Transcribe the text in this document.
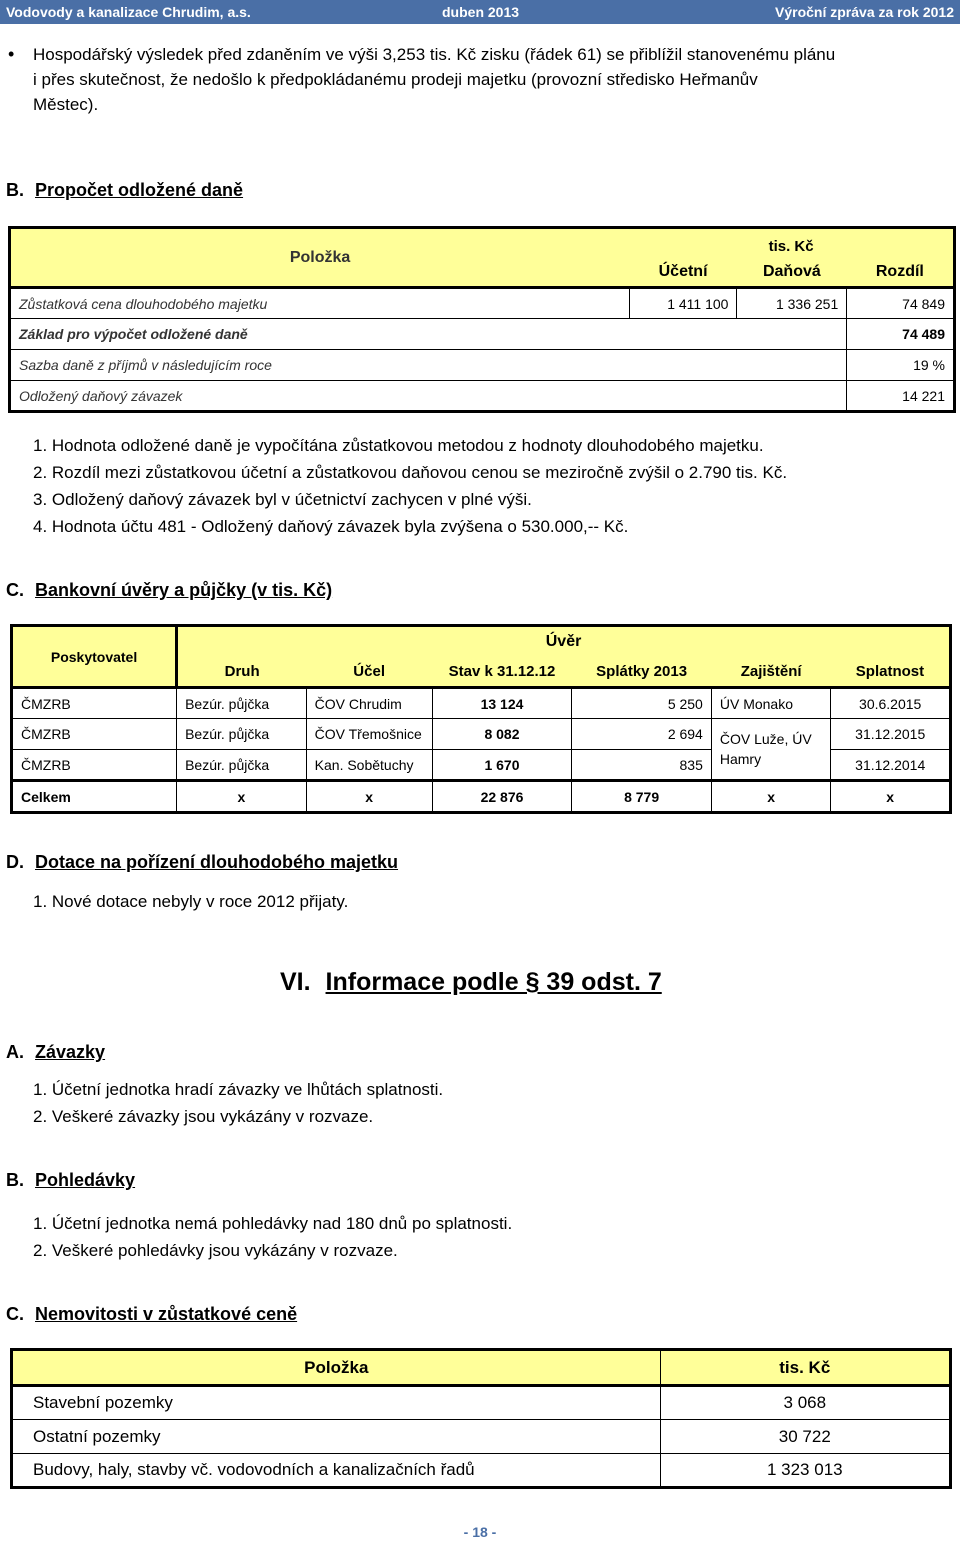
Vodovody a kanalizace Chrudim, a.s.	duben 2013	Výroční zpráva za rok 2012
• Hospodářský výsledek před zdaněním ve výši 3,253 tis. Kč zisku (řádek 61) se přiblížil stanovenému plánu
i přes skutečnost, že nedošlo k předpokládanému prodeji majetku (provozní středisko Heřmanův
Městec).
B. Propočet odložené daně
Položka	tis. Kč		
	Účetní	Daňová	Rozdíl
Zůstatková cena dlouhodobého majetku	1 411 100	1 336 251	74 849
Základ pro výpočet odložené daně			74 489
Sazba daně z příjmů v následujícím roce			19 %
Odložený daňový závazek			14 221
1. Hodnota odložené daně je vypočítána zůstatkovou metodou z hodnoty dlouhodobého majetku.
2. Rozdíl mezi zůstatkovou účetní a zůstatkovou daňovou cenou se meziročně zvýšil o 2.790 tis. Kč.
3. Odložený daňový závazek byl v účetnictví zachycen v plné výši.
4. Hodnota účtu 481 - Odložený daňový závazek byla zvýšena o 530.000,-- Kč.
C. Bankovní úvěry a půjčky (v tis. Kč)
Poskytovatel	Úvěr					
	Druh	Účel	Stav k 31.12.12	Splátky 2013	Zajištění	Splatnost
ČMZRB	Bezúr. půjčka	ČOV Chrudim	13 124	5 250	ÚV Monako	30.6.2015
ČMZRB	Bezúr. půjčka	ČOV Třemošnice	8 082	2 694	ČOV Luže, ÚV
Hamry	31.12.2015
ČMZRB	Bezúr. půjčka	Kan. Sobětuchy	1 670	835		31.12.2014
Celkem	x	x	22 876	8 779	x	x
D. Dotace na pořízení dlouhodobého majetku
1. Nové dotace nebyly v roce 2012 přijaty.
VI. Informace podle § 39 odst. 7
A. Závazky
1. Účetní jednotka hradí závazky ve lhůtách splatnosti.
2. Veškeré závazky jsou vykázány v rozvaze.
B. Pohledávky
1. Účetní jednotka nemá pohledávky nad 180 dnů po splatnosti.
2. Veškeré pohledávky jsou vykázány v rozvaze.
C. Nemovitosti v zůstatkové ceně
Položka	tis. Kč
Stavební pozemky	3 068
Ostatní pozemky	30 722
Budovy, haly, stavby vč. vodovodních a kanalizačních řadů	1 323 013
- 18 -
